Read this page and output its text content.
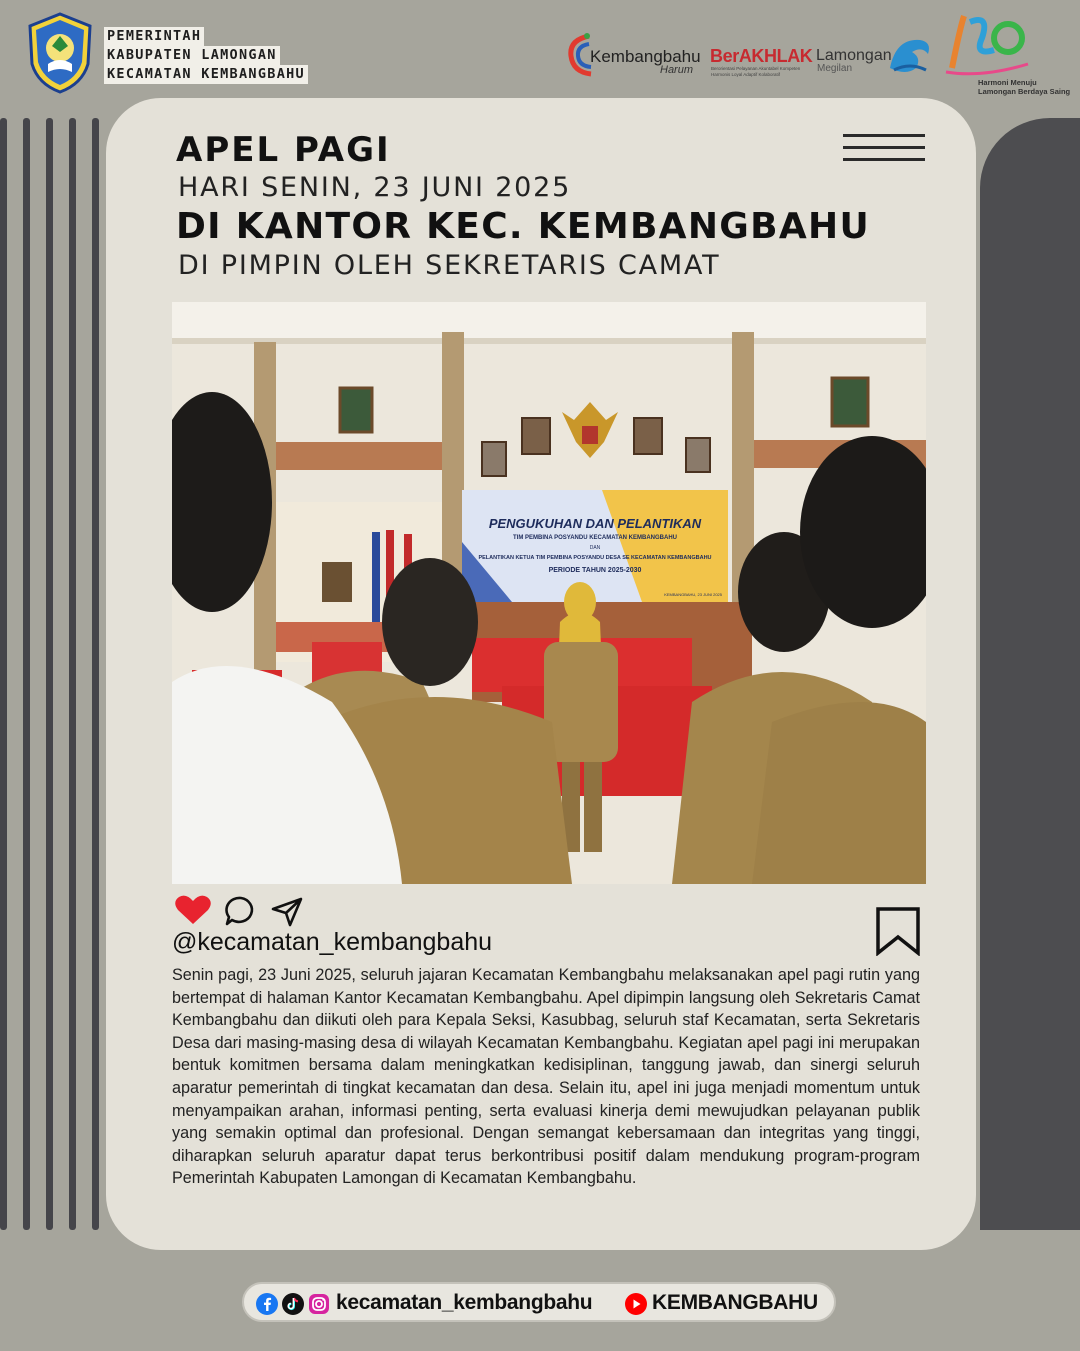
PEMERINTAH
KABUPATEN LAMONGAN
KECAMATAN KEMBANGBAHU
Kembangbahu
Harum
BerAKHLAK
Berorientasi Pelayanan Akuntabel Kompeten
Harmonis Loyal Adaptif Kolaboratif
Lamongan
Megilan
Harmoni Menuju
Lamongan Berdaya Saing
APEL PAGI
HARI SENIN, 23 JUNI 2025
DI KANTOR KEC. KEMBANGBAHU
DI PIMPIN OLEH SEKRETARIS CAMAT
PENGUKUHAN DAN PELANTIKAN
TIM PEMBINA POSYANDU KECAMATAN KEMBANGBAHU
DAN
PELANTIKAN KETUA TIM PEMBINA POSYANDU DESA SE KECAMATAN KEMBANGBAHU
PERIODE TAHUN 2025-2030
KEMBANGBAHU, 23 JUNI 2025
@kecamatan_kembangbahu
Senin pagi, 23 Juni 2025, seluruh jajaran Kecamatan Kembangbahu melaksanakan apel pagi rutin yang bertempat di halaman Kantor Kecamatan Kembangbahu. Apel dipimpin langsung oleh Sekretaris Camat Kembangbahu dan diikuti oleh para Kepala Seksi, Kasubbag, seluruh staf Kecamatan, serta Sekretaris Desa dari masing-masing desa di wilayah Kecamatan Kembangbahu. Kegiatan apel pagi ini merupakan bentuk komitmen bersama dalam meningkatkan kedisiplinan, tanggung jawab, dan sinergi seluruh aparatur pemerintah di tingkat kecamatan dan desa. Selain itu, apel ini juga menjadi momentum untuk menyampaikan arahan, informasi penting, serta evaluasi kinerja demi mewujudkan pelayanan publik yang semakin optimal dan profesional. Dengan semangat kebersamaan dan integritas yang tinggi, diharapkan seluruh aparatur dapat terus berkontribusi positif dalam mendukung program-program Pemerintah Kabupaten Lamongan di Kecamatan Kembangbahu.
kecamatan_kembangbahu	KEMBANGBAHU
